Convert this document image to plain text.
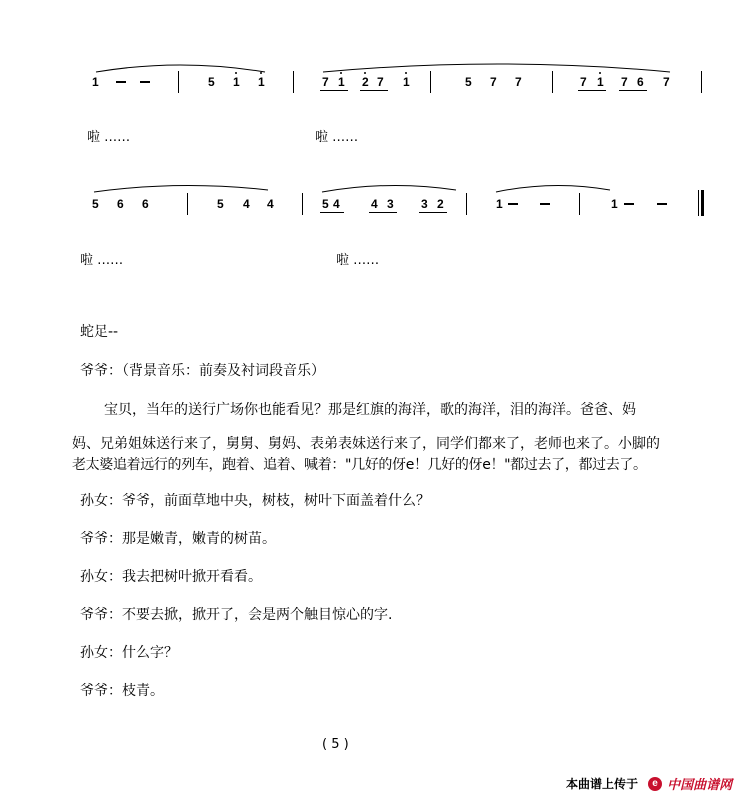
1	5 1 1	7 1 2 7 1	5 7 7	7 1 7 6 7
啦 ……	啦 ……
5 6 6	5 4 4	5 4	4 3 3 2	1	1
啦 ……	啦 ……
蛇足--
爷爷：（背景音乐：前奏及衬词段音乐）
宝贝，当年的送行广场你也能看见？那是红旗的海洋，歌的海洋，泪的海洋。爸爸、妈
妈、兄弟姐妹送行来了，舅舅、舅妈、表弟表妹送行来了，同学们都来了，老师也来了。小脚的
老太婆追着远行的列车，跑着、追着、喊着："几好的伢e！几好的伢e！"都过去了，都过去了。
孙女：爷爷，前面草地中央，树枝，树叶下面盖着什么？
爷爷：那是嫩青，嫩青的树苗。
孙女：我去把树叶掀开看看。
爷爷：不要去掀，掀开了，会是两个触目惊心的字.
孙女：什么字？
爷爷：枝青。
( 5 )
本曲谱上传于	e 中国曲谱网
